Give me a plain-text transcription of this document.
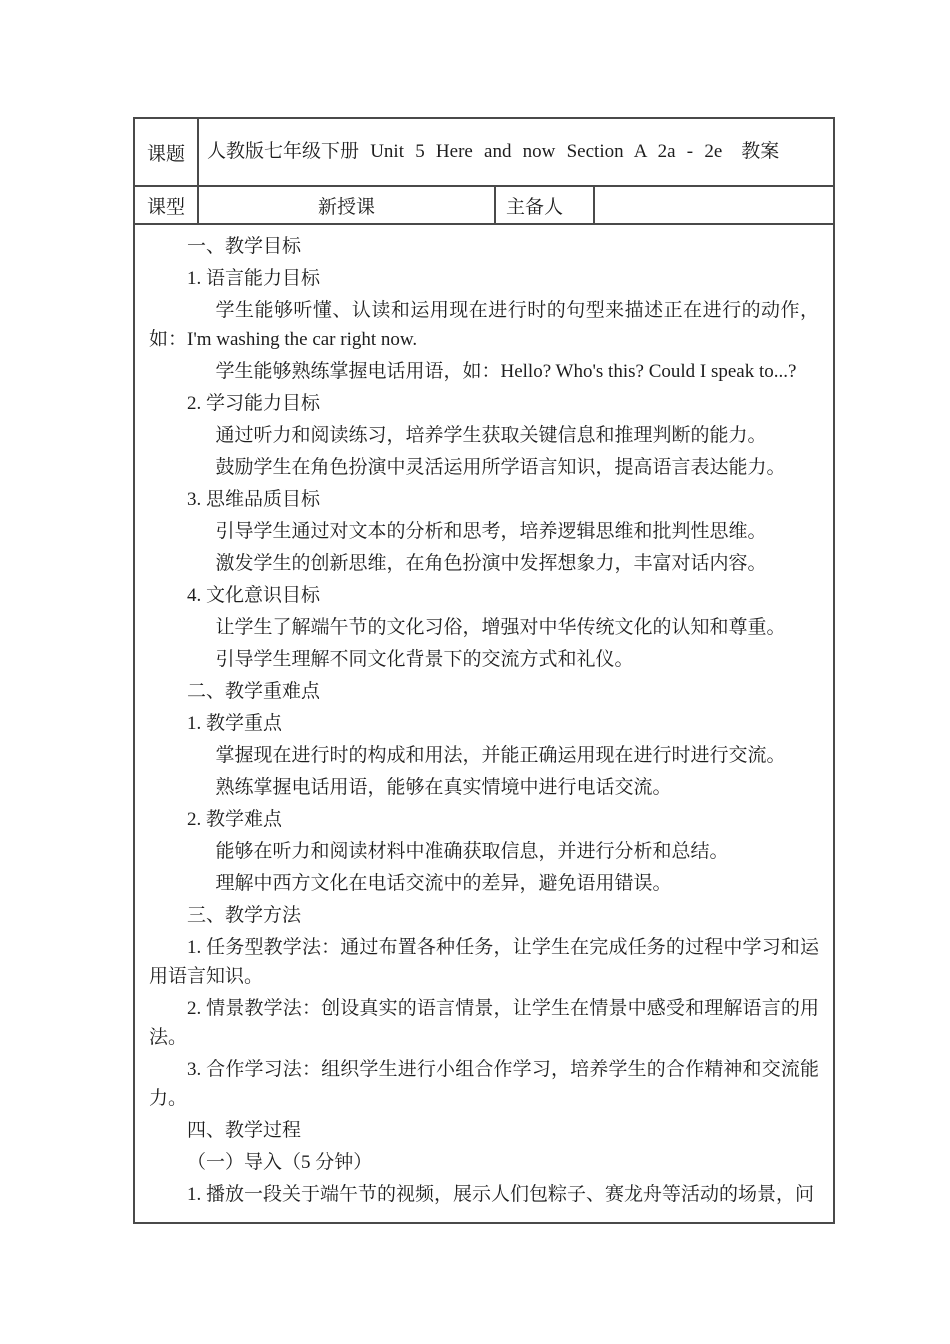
课题	人教版七年级下册 Unit 5 Here and now Section A 2a - 2e　教案		
课型	新授课	主备人	

一、教学目标

1. 语言能力目标

学生能够听懂、认读和运用现在进行时的句型来描述正在进行的动作，如：I'm washing the car right now.

学生能够熟练掌握电话用语，如：Hello? Who's this? Could I speak to...?

2. 学习能力目标

通过听力和阅读练习，培养学生获取关键信息和推理判断的能力。

鼓励学生在角色扮演中灵活运用所学语言知识，提高语言表达能力。

3. 思维品质目标

引导学生通过对文本的分析和思考，培养逻辑思维和批判性思维。

激发学生的创新思维，在角色扮演中发挥想象力，丰富对话内容。

4. 文化意识目标

让学生了解端午节的文化习俗，增强对中华传统文化的认知和尊重。

引导学生理解不同文化背景下的交流方式和礼仪。

二、教学重难点

1. 教学重点

掌握现在进行时的构成和用法，并能正确运用现在进行时进行交流。

熟练掌握电话用语，能够在真实情境中进行电话交流。

2. 教学难点

能够在听力和阅读材料中准确获取信息，并进行分析和总结。

理解中西方文化在电话交流中的差异，避免语用错误。

三、教学方法

1. 任务型教学法：通过布置各种任务，让学生在完成任务的过程中学习和运用语言知识。

2. 情景教学法：创设真实的语言情景，让学生在情景中感受和理解语言的用法。

3. 合作学习法：组织学生进行小组合作学习，培养学生的合作精神和交流能力。

四、教学过程

（一）导入（5 分钟）

1. 播放一段关于端午节的视频，展示人们包粽子、赛龙舟等活动的场景，问
